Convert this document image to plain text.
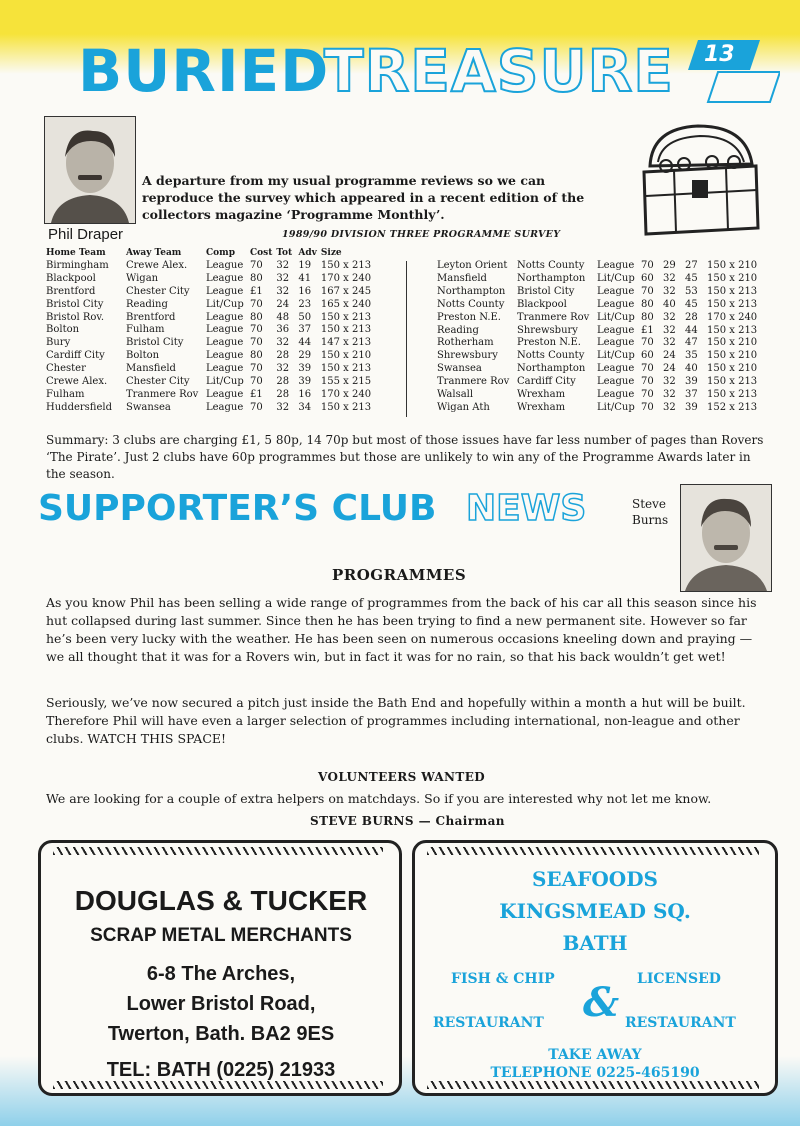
BURIED
TREASURE 13
Phil Draper
A departure from my usual programme reviews so we can reproduce the survey which appeared in a recent edition of the collectors magazine ‘Programme Monthly’.
1989/90 DIVISION THREE PROGRAMME SURVEY
Home Team	Away Team	Comp	Cost	Tot	Adv	Size
Birmingham	Crewe Alex.	League	70	32	19	150 x 213
Blackpool	Wigan	League	80	32	41	170 x 240
Brentford	Chester City	League	£1	32	16	167 x 245
Bristol City	Reading	Lit/Cup	70	24	23	165 x 240
Bristol Rov.	Brentford	League	80	48	50	150 x 213
Bolton	Fulham	League	70	36	37	150 x 213
Bury	Bristol City	League	70	32	44	147 x 213
Cardiff City	Bolton	League	80	28	29	150 x 210
Chester	Mansfield	League	70	32	39	150 x 213
Crewe Alex.	Chester City	Lit/Cup	70	28	39	155 x 215
Fulham	Tranmere Rov	League	£1	28	16	170 x 240
Huddersfield	Swansea	League	70	32	34	150 x 213
Leyton Orient	Notts County	League	70	29	27	150 x 210
Mansfield	Northampton	Lit/Cup	60	32	45	150 x 210
Northampton	Bristol City	League	70	32	53	150 x 213
Notts County	Blackpool	League	80	40	45	150 x 213
Preston N.E.	Tranmere Rov	Lit/Cup	80	32	28	170 x 240
Reading	Shrewsbury	League	£1	32	44	150 x 213
Rotherham	Preston N.E.	League	70	32	47	150 x 210
Shrewsbury	Notts County	Lit/Cup	60	24	35	150 x 210
Swansea	Northampton	League	70	24	40	150 x 210
Tranmere Rov	Cardiff City	League	70	32	39	150 x 213
Walsall	Wrexham	League	70	32	37	150 x 213
Wigan Ath	Wrexham	Lit/Cup	70	32	39	152 x 213
Summary: 3 clubs are charging £1, 5 80p, 14 70p but most of those issues have far less number of pages than Rovers ‘The Pirate’. Just 2 clubs have 60p programmes but those are unlikely to win any of the Programme Awards later in the season.
SUPPORTER’S CLUB NEWS	Steve
Burns
PROGRAMMES
As you know Phil has been selling a wide range of programmes from the back of his car all this season since his hut collapsed during last summer. Since then he has been trying to find a new permanent site. However so far he’s been very lucky with the weather. He has been seen on numerous occasions kneeling down and praying — we all thought that it was for a Rovers win, but in fact it was for no rain, so that his back wouldn’t get wet!
Seriously, we’ve now secured a pitch just inside the Bath End and hopefully within a month a hut will be built. Therefore Phil will have even a larger selection of programmes including international, non-league and other clubs. WATCH THIS SPACE!
VOLUNTEERS WANTED
We are looking for a couple of extra helpers on matchdays. So if you are interested why not let me know.
STEVE BURNS — Chairman
DOUGLAS & TUCKER
SCRAP METAL MERCHANTS
6-8 The Arches,
Lower Bristol Road,
Twerton, Bath. BA2 9ES
TEL: BATH (0225) 21933
SEAFOODS
KINGSMEAD SQ.
BATH
FISH & CHIP	LICENSED
&
RESTAURANT	RESTAURANT
TAKE AWAY
TELEPHONE 0225-465190
